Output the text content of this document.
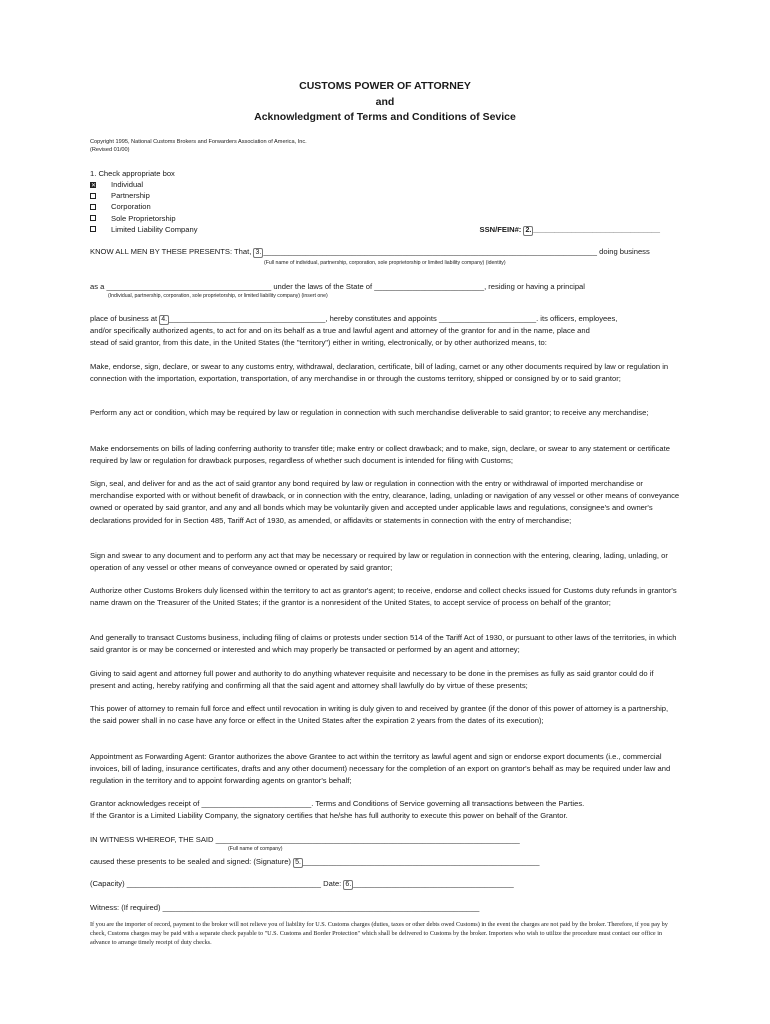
CUSTOMS POWER OF ATTORNEY
and
Acknowledgment of Terms and Conditions of Sevice
Copyright 1995, National Customs Brokers and Forwarders Association of America, Inc.
(Revised 01/00)
1. Check appropriate box
✕ Individual
Partnership
Corporation
Sole Proprietorship
Limited Liability Company	SSN/FEIN#: 2. ______________________________
KNOW ALL MEN BY THESE PRESENTS: That, 3. _______________________________________________________________________________ doing business
(Full name of individual, partnership, corporation, sole proprietorship or limited liability company) (identity)
as a _______________________________________ under the laws of the State of __________________________, residing or having a principal
(Individual, partnership, corporation, sole proprietorship, or limited liability company) (insert one)
place of business at 4. _____________________________________, hereby constitutes and appoints _______________________. its officers, employees,
and/or specifically authorized agents, to act for and on its behalf as a true and lawful agent and attorney of the grantor for and in the name, place and
stead of said grantor, from this date, in the United States (the "territory") either in writing, electronically, or by other authorized means, to:
Make, endorse, sign, declare, or swear to any customs entry, withdrawal, declaration, certificate, bill of lading, carnet or any other documents required by law or regulation in connection with the importation, exportation, transportation, of any merchandise in or through the customs territory, shipped or consigned by or to said grantor;
Perform any act or condition, which may be required by law or regulation in connection with such merchandise deliverable to said grantor; to receive any merchandise;
Make endorsements on bills of lading conferring authority to transfer title; make entry or collect drawback; and to make, sign, declare, or swear to any statement or certificate required by law or regulation for drawback purposes, regardless of whether such document is intended for filing with Customs;
Sign, seal, and deliver for and as the act of said grantor any bond required by law or regulation in connection with the entry or withdrawal of imported merchandise or merchandise exported with or without benefit of drawback, or in connection with the entry, clearance, lading, unlading or navigation of any vessel or other means of conveyance owned or operated by said grantor, and any and all bonds which may be voluntarily given and accepted under applicable laws and regulations, consignee's and owner's declarations provided for in Section 485, Tariff Act of 1930, as amended, or affidavits or statements in connection with the entry of merchandise;
Sign and swear to any document and to perform any act that may be necessary or required by law or regulation in connection with the entering, clearing, lading, unlading, or operation of any vessel or other means of conveyance owned or operated by said grantor;
Authorize other Customs Brokers duly licensed within the territory to act as grantor's agent; to receive, endorse and collect checks issued for Customs duty refunds in grantor's name drawn on the Treasurer of the United States; if the grantor is a nonresident of the United States, to accept service of process on behalf of the grantor;
And generally to transact Customs business, including filing of claims or protests under section 514 of the Tariff Act of 1930, or pursuant to other laws of the territories, in which said grantor is or may be concerned or interested and which may properly be transacted or performed by an agent and attorney;
Giving to said agent and attorney full power and authority to do anything whatever requisite and necessary to be done in the premises as fully as said grantor could do if present and acting, hereby ratifying and confirming all that the said agent and attorney shall lawfully do by virtue of these presents;
This power of attorney to remain full force and effect until revocation in writing is duly given to and received by grantee (if the donor of this power of attorney is a partnership, the said power shall in no case have any force or effect in the United States after the expiration 2 years from the dates of its execution);
Appointment as Forwarding Agent: Grantor authorizes the above Grantee to act within the territory as lawful agent and sign or endorse export documents (i.e., commercial invoices, bill of lading, insurance certificates, drafts and any other document) necessary for the completion of an export on grantor's behalf as may be required under law and regulation in the territory and to appoint forwarding agents on grantor's behalf;
Grantor acknowledges receipt of __________________________. Terms and Conditions of Service governing all transactions between the Parties.
If the Grantor is a Limited Liability Company, the signatory certifies that he/she has full authority to execute this power on behalf of the Grantor.
IN WITNESS WHEREOF, THE SAID ________________________________________________________________________
(Full name of company)
caused these presents to be sealed and signed: (Signature) 5. ________________________________________________________
(Capacity) ______________________________________________ Date: 6. ______________________________________
Witness: (If required) ___________________________________________________________________________
If you are the importer of record, payment to the broker will not relieve you of liability for U.S. Customs charges (duties, taxes or other debts owed Customs) in the event the charges are not paid by the broker. Therefore, if you pay by check, Customs charges may be paid with a separate check payable to "U.S. Customs and Border Protection" which shall be delivered to Customs by the broker. Importers who wish to utilize the procedure must contact our office in advance to arrange timely receipt of duty checks.
